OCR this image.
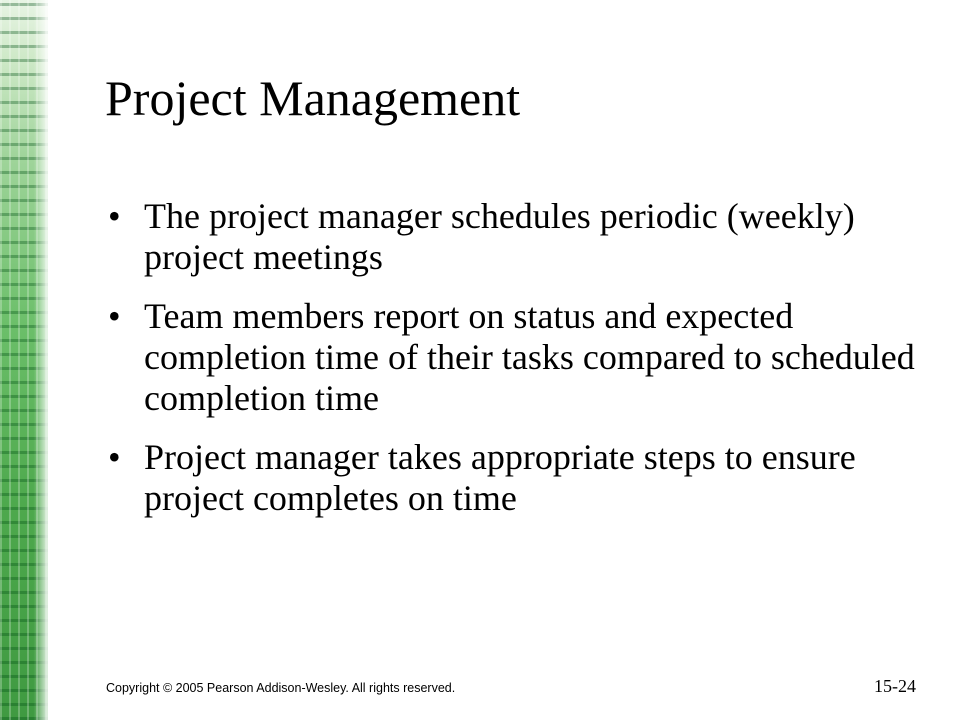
Project Management
• The project manager schedules periodic (weekly) project meetings
• Team members report on status and expected completion time of their tasks compared to scheduled completion time
• Project manager takes appropriate steps to ensure project completes on time
Copyright © 2005 Pearson Addison-Wesley. All rights reserved.	15-24
